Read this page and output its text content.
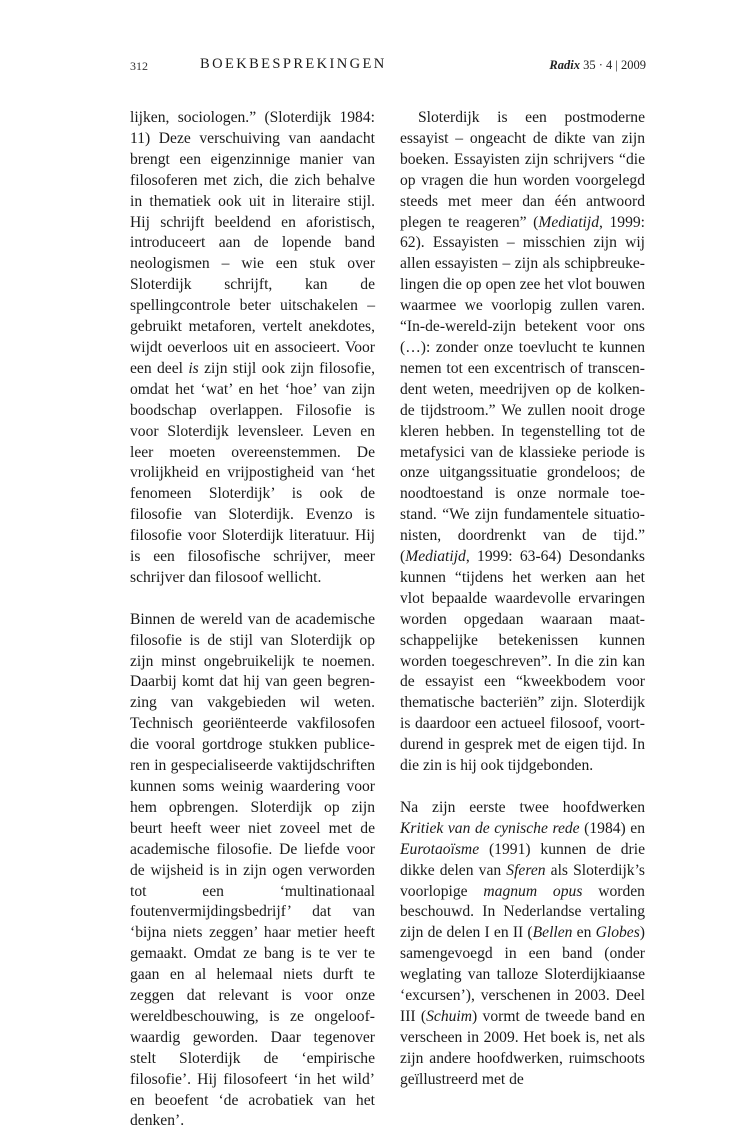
312	BOEKBESPREKINGEN	Radix 35 · 4 | 2009

lijken, sociologen.” (Sloterdijk 1984: 11) Deze verschuiving van aandacht brengt een eigenzinnige manier van filosoferen met zich, die zich behalve in thematiek ook uit in literaire stijl. Hij schrijft beeldend en aforistisch, introduceert aan de lopende band neologismen – wie een stuk over Sloterdijk schrijft, kan de spellingcontrole beter uitschakelen – gebruikt metaforen, vertelt anekdotes, wijdt oeverloos uit en associeert. Voor een deel is zijn stijl ook zijn filosofie, omdat het ‘wat’ en het ‘hoe’ van zijn boodschap overlappen. Filosofie is voor Sloterdijk levensleer. Leven en leer moeten overeenstemmen. De vrolijkheid en vrijpostigheid van ‘het fenomeen Sloterdijk’ is ook de filosofie van Sloterdijk. Evenzo is filosofie voor Sloterdijk literatuur. Hij is een filosofische schrijver, meer schrijver dan filosoof wellicht.

Binnen de wereld van de academische filosofie is de stijl van Sloterdijk op zijn minst ongebruikelijk te noemen. Daarbij komt dat hij van geen begrenzing van vakgebieden wil weten. Technisch georiënteerde vakfilosofen die vooral gortdroge stukken publiceren in gespecialiseerde vaktijdschriften kunnen soms weinig waardering voor hem opbrengen. Sloterdijk op zijn beurt heeft weer niet zoveel met de academische filosofie. De liefde voor de wijsheid is in zijn ogen verworden tot een ‘multinationaal foutenvermijdingsbedrijf’ dat van ‘bijna niets zeggen’ haar metier heeft gemaakt. Omdat ze bang is te ver te gaan en al helemaal niets durft te zeggen dat relevant is voor onze wereldbeschouwing, is ze ongeloofwaardig geworden. Daar tegenover stelt Sloterdijk de ‘empirische filosofie’. Hij filosofeert ‘in het wild’ en beoefent ‘de acrobatiek van het denken’.

Sloterdijk is een postmoderne essayist – ongeacht de dikte van zijn boeken. Essayisten zijn schrijvers “die op vragen die hun worden voorgelegd steeds met meer dan één antwoord plegen te reageren” (Mediatijd, 1999: 62). Essayisten – misschien zijn wij allen essayisten – zijn als schipbreukelingen die op open zee het vlot bouwen waarmee we voorlopig zullen varen. “In-de-wereld-zijn betekent voor ons (…): zonder onze toevlucht te kunnen nemen tot een excentrisch of transcendent weten, meedrijven op de kolkende tijdstroom.” We zullen nooit droge kleren hebben. In tegenstelling tot de metafysici van de klassieke periode is onze uitgangssituatie grondeloos; de noodtoestand is onze normale toestand. “We zijn fundamentele situationisten, doordrenkt van de tijd.” (Mediatijd, 1999: 63-64) Desondanks kunnen “tijdens het werken aan het vlot bepaalde waardevolle ervaringen worden opgedaan waaraan maatschappelijke betekenissen kunnen worden toegeschreven”. In die zin kan de essayist een “kweekbodem voor thematische bacteriën” zijn. Sloterdijk is daardoor een actueel filosoof, voortdurend in gesprek met de eigen tijd. In die zin is hij ook tijdgebonden.

Na zijn eerste twee hoofdwerken Kritiek van de cynische rede (1984) en Eurotaoïsme (1991) kunnen de drie dikke delen van Sferen als Sloterdijk’s voorlopige magnum opus worden beschouwd. In Nederlandse vertaling zijn de delen I en II (Bellen en Globes) samengevoegd in een band (onder weglating van talloze Sloterdijkiaanse ‘excursen’), verschenen in 2003. Deel III (Schuim) vormt de tweede band en verscheen in 2009. Het boek is, net als zijn andere hoofdwerken, ruimschoots geïllustreerd met de
